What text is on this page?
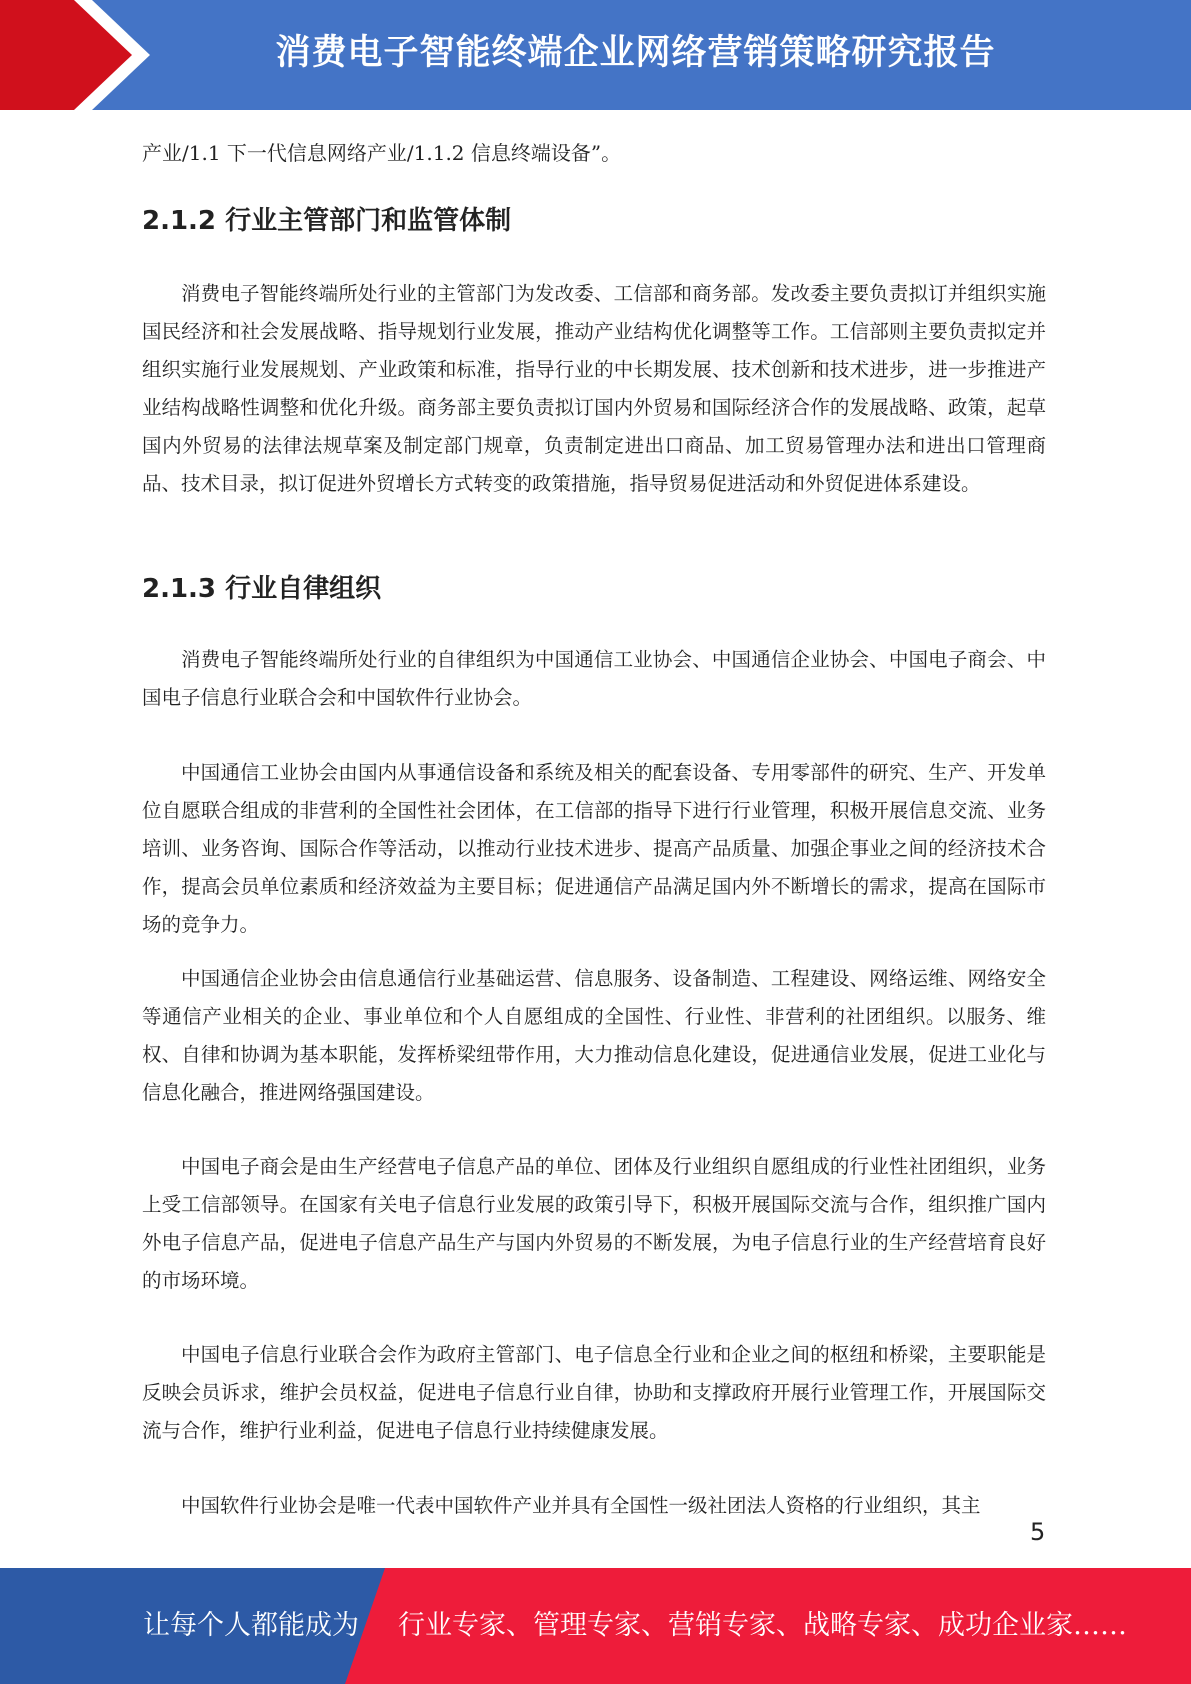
消费电子智能终端企业网络营销策略研究报告

产业/1.1 下一代信息网络产业/1.1.2 信息终端设备”。

2.1.2 行业主管部门和监管体制

消费电子智能终端所处行业的主管部门为发改委、工信部和商务部。发改委主要负责拟订并组织实施国民经济和社会发展战略、指导规划行业发展，推动产业结构优化调整等工作。工信部则主要负责拟定并组织实施行业发展规划、产业政策和标准，指导行业的中长期发展、技术创新和技术进步，进一步推进产业结构战略性调整和优化升级。商务部主要负责拟订国内外贸易和国际经济合作的发展战略、政策，起草国内外贸易的法律法规草案及制定部门规章，负责制定进出口商品、加工贸易管理办法和进出口管理商品、技术目录，拟订促进外贸增长方式转变的政策措施，指导贸易促进活动和外贸促进体系建设。

2.1.3 行业自律组织

消费电子智能终端所处行业的自律组织为中国通信工业协会、中国通信企业协会、中国电子商会、中国电子信息行业联合会和中国软件行业协会。

中国通信工业协会由国内从事通信设备和系统及相关的配套设备、专用零部件的研究、生产、开发单位自愿联合组成的非营利的全国性社会团体，在工信部的指导下进行行业管理，积极开展信息交流、业务培训、业务咨询、国际合作等活动，以推动行业技术进步、提高产品质量、加强企事业之间的经济技术合作，提高会员单位素质和经济效益为主要目标；促进通信产品满足国内外不断增长的需求，提高在国际市场的竞争力。

中国通信企业协会由信息通信行业基础运营、信息服务、设备制造、工程建设、网络运维、网络安全等通信产业相关的企业、事业单位和个人自愿组成的全国性、行业性、非营利的社团组织。以服务、维权、自律和协调为基本职能，发挥桥梁纽带作用，大力推动信息化建设，促进通信业发展，促进工业化与信息化融合，推进网络强国建设。

中国电子商会是由生产经营电子信息产品的单位、团体及行业组织自愿组成的行业性社团组织，业务上受工信部领导。在国家有关电子信息行业发展的政策引导下，积极开展国际交流与合作，组织推广国内外电子信息产品，促进电子信息产品生产与国内外贸易的不断发展，为电子信息行业的生产经营培育良好的市场环境。

中国电子信息行业联合会作为政府主管部门、电子信息全行业和企业之间的枢纽和桥梁，主要职能是反映会员诉求，维护会员权益，促进电子信息行业自律，协助和支撑政府开展行业管理工作，开展国际交流与合作，维护行业利益，促进电子信息行业持续健康发展。

中国软件行业协会是唯一代表中国软件产业并具有全国性一级社团法人资格的行业组织，其主

5
让每个人都能成为 行业专家、管理专家、营销专家、战略专家、成功企业家……
